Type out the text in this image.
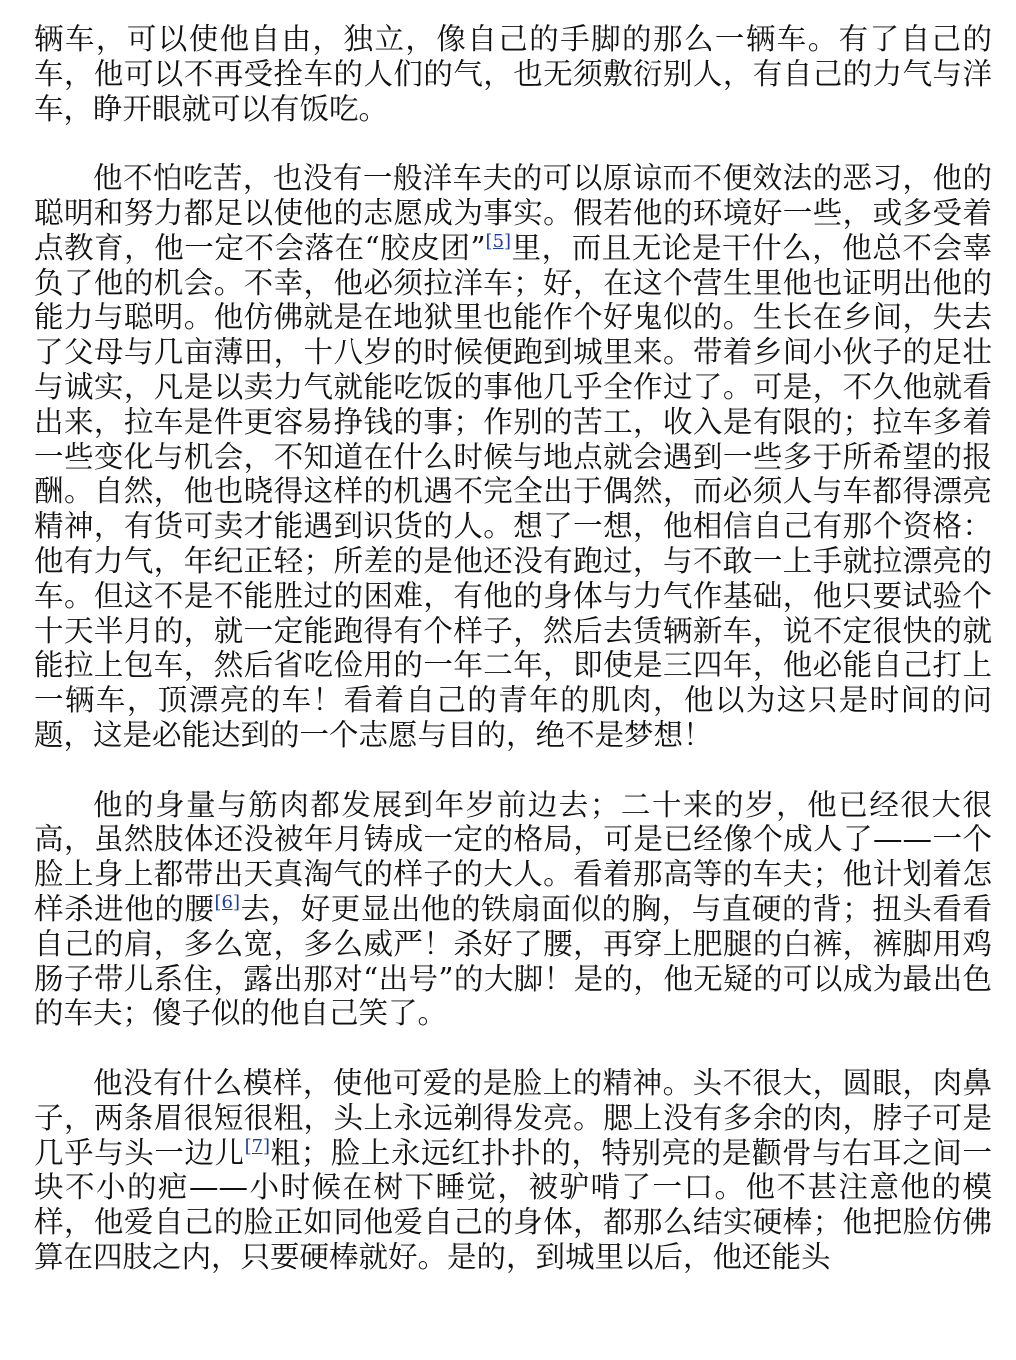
辆车，可以使他自由，独立，像自己的手脚的那么一辆车。有了自己的车，他可以不再受拴车的人们的气，也无须敷衍别人，有自己的力气与洋车，睁开眼就可以有饭吃。

他不怕吃苦，也没有一般洋车夫的可以原谅而不便效法的恶习，他的聪明和努力都足以使他的志愿成为事实。假若他的环境好一些，或多受着点教育，他一定不会落在“胶皮团”[5]里，而且无论是干什么，他总不会辜负了他的机会。不幸，他必须拉洋车；好，在这个营生里他也证明出他的能力与聪明。他仿佛就是在地狱里也能作个好鬼似的。生长在乡间，失去了父母与几亩薄田，十八岁的时候便跑到城里来。带着乡间小伙子的足壮与诚实，凡是以卖力气就能吃饭的事他几乎全作过了。可是，不久他就看出来，拉车是件更容易挣钱的事；作别的苦工，收入是有限的；拉车多着一些变化与机会，不知道在什么时候与地点就会遇到一些多于所希望的报酬。自然，他也晓得这样的机遇不完全出于偶然，而必须人与车都得漂亮精神，有货可卖才能遇到识货的人。想了一想，他相信自己有那个资格：他有力气，年纪正轻；所差的是他还没有跑过，与不敢一上手就拉漂亮的车。但这不是不能胜过的困难，有他的身体与力气作基础，他只要试验个十天半月的，就一定能跑得有个样子，然后去赁辆新车，说不定很快的就能拉上包车，然后省吃俭用的一年二年，即使是三四年，他必能自己打上一辆车，顶漂亮的车！看着自己的青年的肌肉，他以为这只是时间的问题，这是必能达到的一个志愿与目的，绝不是梦想！

他的身量与筋肉都发展到年岁前边去；二十来的岁，他已经很大很高，虽然肢体还没被年月铸成一定的格局，可是已经像个成人了——一个脸上身上都带出天真淘气的样子的大人。看着那高等的车夫；他计划着怎样杀进他的腰[6]去，好更显出他的铁扇面似的胸，与直硬的背；扭头看看自己的肩，多么宽，多么威严！杀好了腰，再穿上肥腿的白裤，裤脚用鸡肠子带儿系住，露出那对“出号”的大脚！是的，他无疑的可以成为最出色的车夫；傻子似的他自己笑了。

他没有什么模样，使他可爱的是脸上的精神。头不很大，圆眼，肉鼻子，两条眉很短很粗，头上永远剃得发亮。腮上没有多余的肉，脖子可是几乎与头一边儿[7]粗；脸上永远红扑扑的，特别亮的是颧骨与右耳之间一块不小的疤——小时候在树下睡觉，被驴啃了一口。他不甚注意他的模样，他爱自己的脸正如同他爱自己的身体，都那么结实硬棒；他把脸仿佛算在四肢之内，只要硬棒就好。是的，到城里以后，他还能头
